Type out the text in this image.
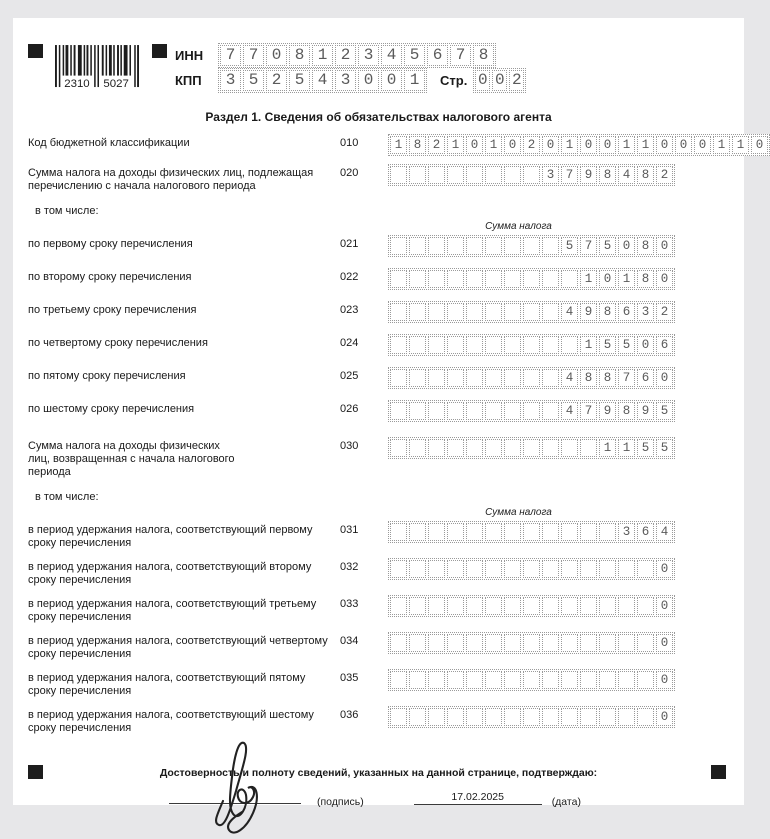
2310 5027
ИНН	7 7 0 8 1 2 3 4 5 6 7 8
КПП	3 5 2 5 4 3 0 0 1	Стр. 0 0 2
Раздел 1. Сведения об обязательствах налогового агента
Код бюджетной классификации	010	1 8 2 1 0 1 0 2 0 1 0 0 1 1 0 0 0 1 1 0
Сумма налога на доходы физических лиц, подлежащая перечислению с начала налогового периода
020	3 7 9 8 4 8 2
в том числе:
Сумма налога
по первому сроку перечисления	021	5 7 5 0 8 0
по второму сроку перечисления	022	1 0 1 8 0
по третьему сроку перечисления	023	4 9 8 6 3 2
по четвертому сроку перечисления	024	1 5 5 0 6
по пятому сроку перечисления	025	4 8 8 7 6 0
по шестому сроку перечисления	026	4 7 9 8 9 5
Сумма налога на доходы физических лиц, возвращенная с начала налогового периода
030	1 1 5 5
в том числе:
Сумма налога
в период удержания налога, соответствующий первому сроку перечисления
031	3 6 4
в период удержания налога, соответствующий второму сроку перечисления
032	0
в период удержания налога, соответствующий третьему сроку перечисления
033	0
в период удержания налога, соответствующий четвертому сроку перечисления
034	0
в период удержания налога, соответствующий пятому сроку перечисления
035	0
в период удержания налога, соответствующий шестому сроку перечисления
036	0
Достоверность и полноту сведений, указанных на данной странице, подтверждаю:
(подпись)	17.02.2025	(дата)
